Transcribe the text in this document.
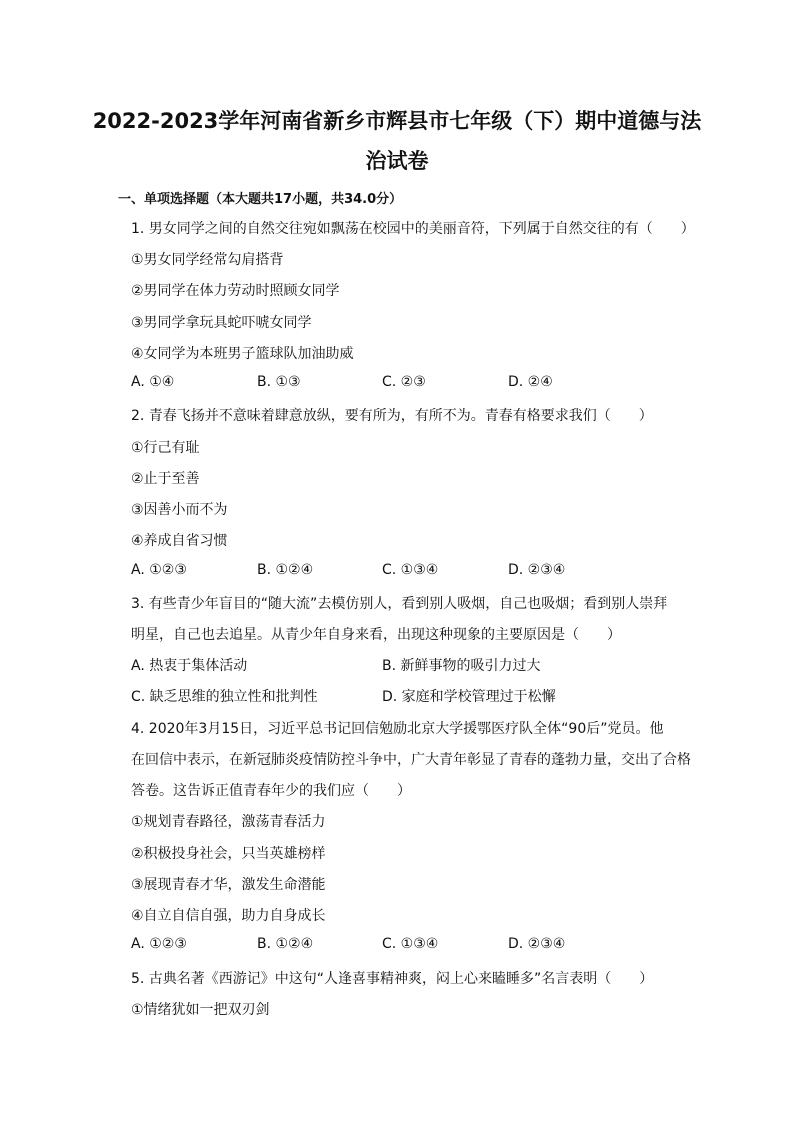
2022-2023学年河南省新乡市辉县市七年级（下）期中道德与法
治试卷
一、单项选择题（本大题共17小题，共34.0分）
1. 男女同学之间的自然交往宛如飘荡在校园中的美丽音符，下列属于自然交往的有（　　）
①男女同学经常勾肩搭背
②男同学在体力劳动时照顾女同学
③男同学拿玩具蛇吓唬女同学
④女同学为本班男子篮球队加油助威
A. ①④	B. ①③	C. ②③	D. ②④
2. 青春飞扬并不意味着肆意放纵，要有所为，有所不为。青春有格要求我们（　　）
①行己有耻
②止于至善
③因善小而不为
④养成自省习惯
A. ①②③	B. ①②④	C. ①③④	D. ②③④
3. 有些青少年盲目的“随大流”去模仿别人，看到别人吸烟，自己也吸烟；看到别人崇拜
明星，自己也去追星。从青少年自身来看，出现这种现象的主要原因是（　　）
A. 热衷于集体活动	B. 新鲜事物的吸引力过大
C. 缺乏思维的独立性和批判性	D. 家庭和学校管理过于松懈
4. 2020年3月15日，习近平总书记回信勉励北京大学援鄂医疗队全体“90后”党员。他
在回信中表示，在新冠肺炎疫情防控斗争中，广大青年彰显了青春的蓬勃力量，交出了合格
答卷。这告诉正值青春年少的我们应（　　）
①规划青春路径，激荡青春活力
②积极投身社会，只当英雄榜样
③展现青春才华，激发生命潜能
④自立自信自强，助力自身成长
A. ①②③	B. ①②④	C. ①③④	D. ②③④
5. 古典名著《西游记》中这句“人逢喜事精神爽，闷上心来瞌睡多”名言表明（　　）
①情绪犹如一把双刃剑
